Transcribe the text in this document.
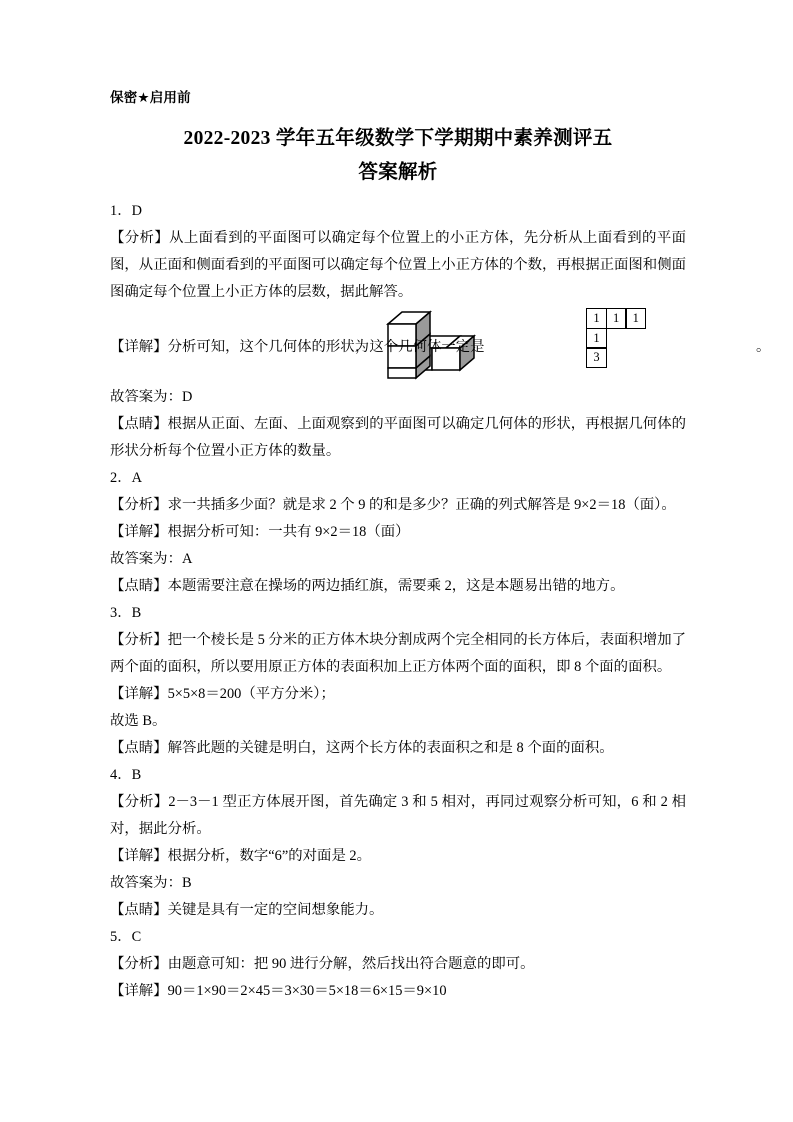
保密★启用前
2022-2023 学年五年级数学下学期期中素养测评五
答案解析
1．D
【分析】从上面看到的平面图可以确定每个位置上的小正方体，先分析从上面看到的平面图，从正面和侧面看到的平面图可以确定每个位置上小正方体的个数，再根据正面图和侧面图确定每个位置上小正方体的层数，据此解答。
【详解】分析可知，这个几何体的形状为
，这个几何体一定是
1	1	1
1
3
。
故答案为：D
【点睛】根据从正面、左面、上面观察到的平面图可以确定几何体的形状，再根据几何体的形状分析每个位置小正方体的数量。
2．A
【分析】求一共插多少面？就是求 2 个 9 的和是多少？正确的列式解答是 9×2＝18（面）。
【详解】根据分析可知：一共有 9×2＝18（面）
故答案为：A
【点睛】本题需要注意在操场的两边插红旗，需要乘 2，这是本题易出错的地方。
3．B
【分析】把一个棱长是 5 分米的正方体木块分割成两个完全相同的长方体后，表面积增加了两个面的面积，所以要用原正方体的表面积加上正方体两个面的面积，即 8 个面的面积。
【详解】5×5×8＝200（平方分米）；
故选 B。
【点睛】解答此题的关键是明白，这两个长方体的表面积之和是 8 个面的面积。
4．B
【分析】2－3－1 型正方体展开图，首先确定 3 和 5 相对，再同过观察分析可知，6 和 2 相对，据此分析。
【详解】根据分析，数字“6”的对面是 2。
故答案为：B
【点睛】关键是具有一定的空间想象能力。
5．C
【分析】由题意可知：把 90 进行分解，然后找出符合题意的即可。
【详解】90＝1×90＝2×45＝3×30＝5×18＝6×15＝9×10
